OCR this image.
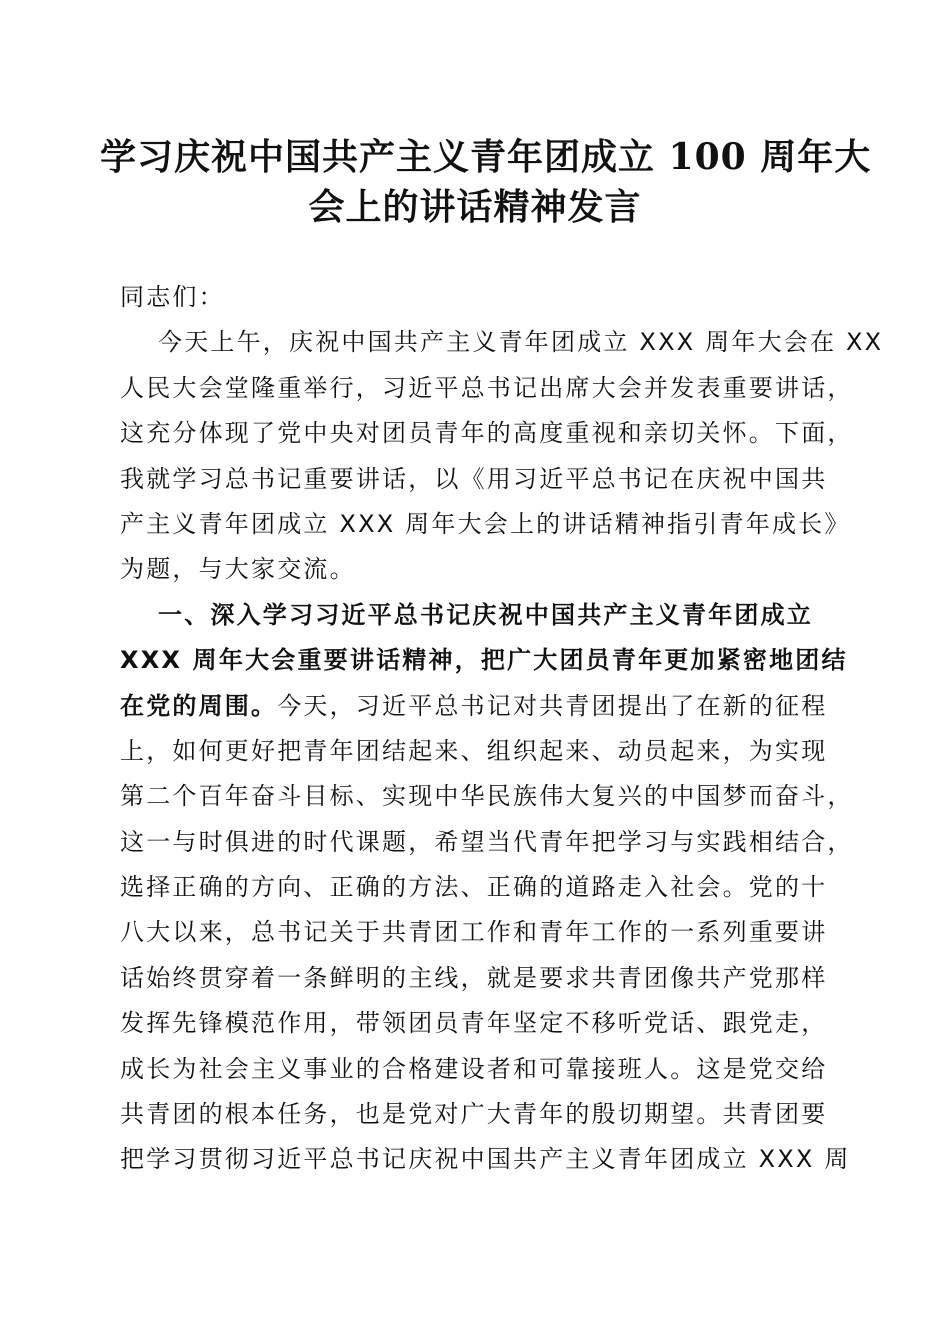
学习庆祝中国共产主义青年团成立 100 周年大
会上的讲话精神发言
同志们：
今天上午，庆祝中国共产主义青年团成立 XXX 周年大会在 XX
人民大会堂隆重举行，习近平总书记出席大会并发表重要讲话，
这充分体现了党中央对团员青年的高度重视和亲切关怀。下面，
我就学习总书记重要讲话，以《用习近平总书记在庆祝中国共
产主义青年团成立 XXX 周年大会上的讲话精神指引青年成长》
为题，与大家交流。
一、深入学习习近平总书记庆祝中国共产主义青年团成立
XXX 周年大会重要讲话精神，把广大团员青年更加紧密地团结
在党的周围。今天，习近平总书记对共青团提出了在新的征程
上，如何更好把青年团结起来、组织起来、动员起来，为实现
第二个百年奋斗目标、实现中华民族伟大复兴的中国梦而奋斗，
这一与时俱进的时代课题，希望当代青年把学习与实践相结合，
选择正确的方向、正确的方法、正确的道路走入社会。党的十
八大以来，总书记关于共青团工作和青年工作的一系列重要讲
话始终贯穿着一条鲜明的主线，就是要求共青团像共产党那样
发挥先锋模范作用，带领团员青年坚定不移听党话、跟党走，
成长为社会主义事业的合格建设者和可靠接班人。这是党交给
共青团的根本任务，也是党对广大青年的殷切期望。共青团要
把学习贯彻习近平总书记庆祝中国共产主义青年团成立 XXX 周
